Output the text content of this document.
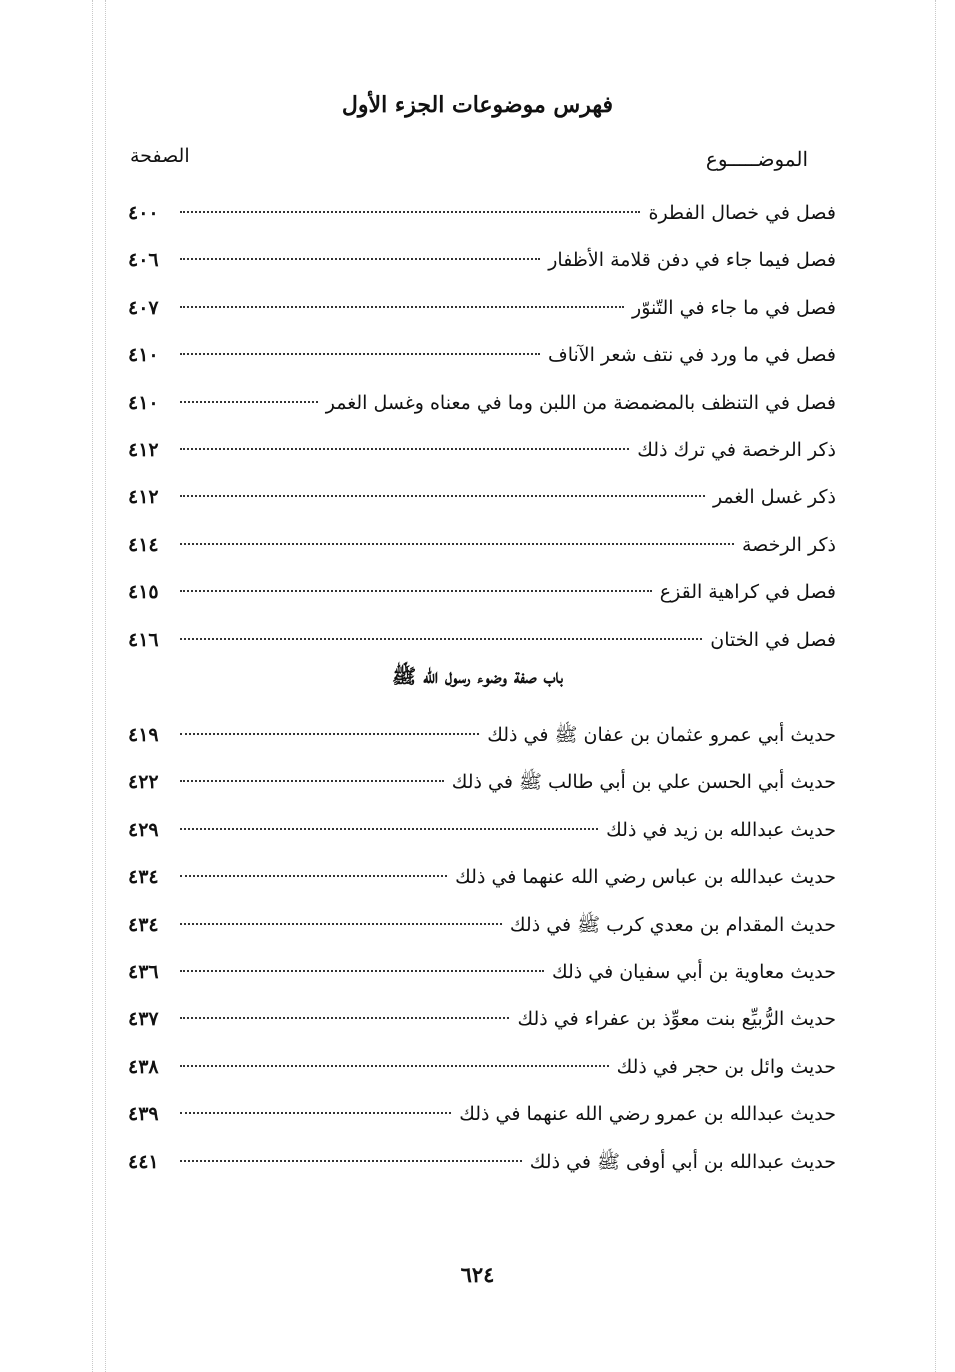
فهرس موضوعات الجزء الأول
الموضـــــوع
الصفحة
فصل في خصال الفطرة
٤٠٠
فصل فيما جاء في دفن قلامة الأظفار
٤٠٦
فصل في ما جاء في التّنوّر
٤٠٧
فصل في ما ورد في نتف شعر الآناف
٤١٠
فصل في التنظف بالمضمضة من اللبن وما في معناه وغسل الغمر
٤١٠
ذكر الرخصة في ترك ذلك
٤١٢
ذكر غسل الغمر
٤١٢
ذكر الرخصة
٤١٤
فصل في كراهية القزع
٤١٥
فصل في الختان
٤١٦
باب صفة وضوء رسول الله ﷺ
حديث أبي عمرو عثمان بن عفان ﷺ في ذلك
٤١٩
حديث أبي الحسن علي بن أبي طالب ﷺ في ذلك
٤٢٢
حديث عبدالله بن زيد في ذلك
٤٢٩
حديث عبدالله بن عباس رضي الله عنهما في ذلك
٤٣٤
حديث المقدام بن معدي كرب ﷺ في ذلك
٤٣٤
حديث معاوية بن أبي سفيان في ذلك
٤٣٦
حديث الرُّبيِّع بنت معوِّذ بن عفراء في ذلك
٤٣٧
حديث وائل بن حجر في ذلك
٤٣٨
حديث عبدالله بن عمرو رضي الله عنهما في ذلك
٤٣٩
حديث عبدالله بن أبي أوفى ﷺ في ذلك
٤٤١
٦٢٤
